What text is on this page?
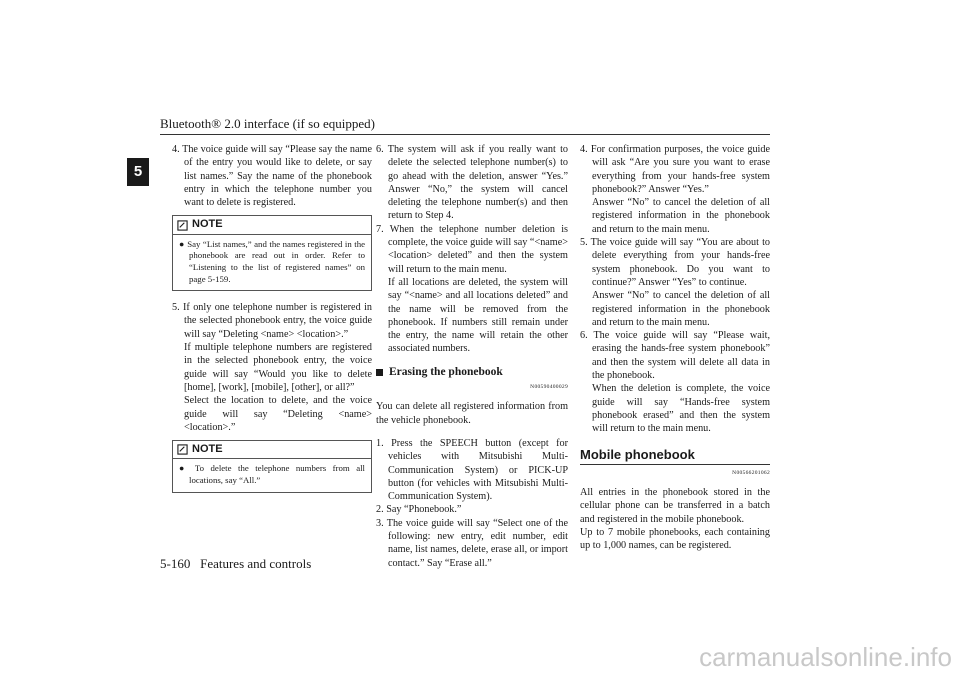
Bluetooth® 2.0 interface (if so equipped)
5

4. The voice guide will say “Please say the name of the entry you would like to delete, or say list names.” Say the name of the phonebook entry in which the telephone number you want to delete is registered.

NOTE
● Say “List names,” and the names registered in the phonebook are read out in order. Refer to “Listening to the list of registered names” on page 5-159.

5. If only one telephone number is registered in the selected phonebook entry, the voice guide will say “Deleting <name> <location>.”

If multiple telephone numbers are registered in the selected phonebook entry, the voice guide will say “Would you like to delete [home], [work], [mobile], [other], or all?”

Select the location to delete, and the voice guide will say “Deleting <name> <location>.”

NOTE
● To delete the telephone numbers from all locations, say “All.”

6. The system will ask if you really want to delete the selected telephone number(s) to go ahead with the deletion, answer “Yes.” Answer “No,” the system will cancel deleting the telephone number(s) and then return to Step 4.

7. When the telephone number deletion is complete, the voice guide will say “<name> <location> deleted” and then the system will return to the main menu.

If all locations are deleted, the system will say “<name> and all locations deleted” and the name will be removed from the phonebook. If numbers still remain under the entry, the name will retain the other associated numbers.

Erasing the phonebook
N00590400029

You can delete all registered information from the vehicle phonebook.

1. Press the SPEECH button (except for vehicles with Mitsubishi Multi-Communication System) or PICK-UP button (for vehicles with Mitsubishi Multi-Communication System).

2. Say “Phonebook.”

3. The voice guide will say “Select one of the following: new entry, edit number, edit name, list names, delete, erase all, or import contact.” Say “Erase all.”

4. For confirmation purposes, the voice guide will ask “Are you sure you want to erase everything from your hands-free system phonebook?” Answer “Yes.”

Answer “No” to cancel the deletion of all registered information in the phonebook and return to the main menu.

5. The voice guide will say “You are about to delete everything from your hands-free system phonebook. Do you want to continue?” Answer “Yes” to continue.

Answer “No” to cancel the deletion of all registered information in the phonebook and return to the main menu.

6. The voice guide will say “Please wait, erasing the hands-free system phonebook” and then the system will delete all data in the phonebook.

When the deletion is complete, the voice guide will say “Hands-free system phonebook erased” and then the system will return to the main menu.

Mobile phonebook
N00566201062

All entries in the phonebook stored in the cellular phone can be transferred in a batch and registered in the mobile phonebook.

Up to 7 mobile phonebooks, each containing up to 1,000 names, can be registered.

5-160 Features and controls
carmanualsonline.info
